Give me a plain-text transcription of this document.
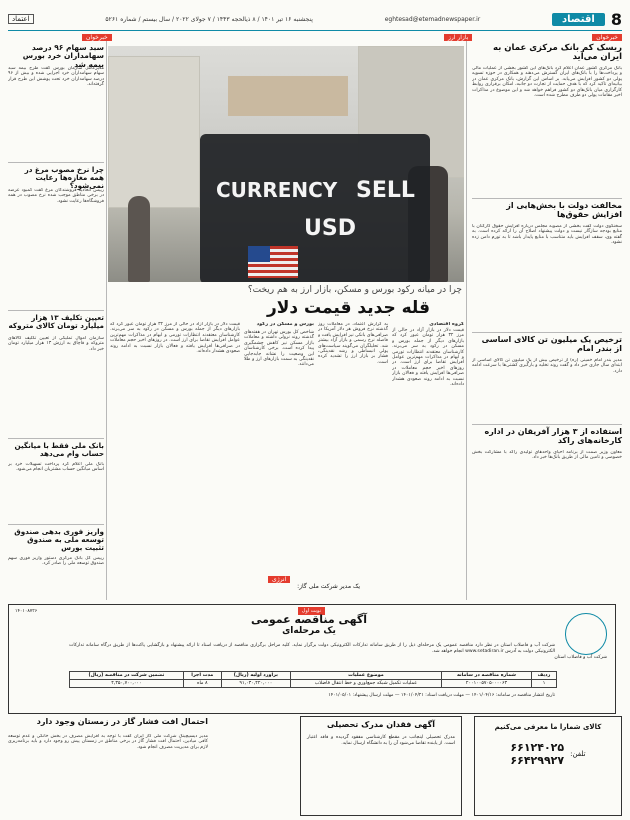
8
اقتصاد
eghtesad@etemadnewspaper.ir
پنجشنبه ۱۶ تیر ۱۴۰۱ / ۸ ذیالحجه ۱۴۴۳ / ۷ جولای ۲۰۲۲ / سال بیستم / شماره ۵۲۶۱
اعتماد
خبرخوان
ریسک کم بانک مرکزی عمان به ایران می‌آید
بانک مرکزی کشور عمان اعلام کرد بانک‌های این کشور بخشی از عملیات مالی و پرداخت‌ها را با بانک‌های ایران گسترش می‌دهند و همکاری در حوزه تسویه پولی دو کشور افزایش می‌یابد. بر اساس این گزارش، بانک مرکزی عمان در بیانیه‌ای تاکید کرد که با هدف حمایت از تجارت دو جانبه، امکان برقراری روابط کارگزاری میان بانک‌های دو کشور فراهم خواهد شد و این موضوع در مذاکرات اخیر مقامات پولی دو طرف مطرح شده است.
مخالفت دولت با بخش‌هایی از افزایش حقوق‌ها
سخنگوی دولت گفت بخشی از مصوبه مجلس درباره افزایش حقوق کارکنان با منابع بودجه سازگار نیست و دولت پیشنهاد اصلاح آن را ارائه کرده است. به گفته وی، سقف افزایش باید متناسب با منابع پایدار باشد تا به تورم دامن زده نشود.
ترخیص یک میلیون تن کالای اساسی از بندر امام
مدیر بندر امام خمینی (ره) از ترخیص بیش از یک میلیون تن کالای اساسی از ابتدای سال جاری خبر داد و گفت روند تخلیه و بارگیری کشتی‌ها با سرعت ادامه دارد.
استفاده از ۳ هزار آفریقان در اداره کارخانه‌های راکد
معاون وزیر صمت از برنامه احیای واحدهای تولیدی راکد با مشارکت بخش خصوصی و تامین مالی از طریق بانک‌ها خبر داد.
بازار ارز
CURRENCY SELL
USD
چرا در میانه رکود بورس و مسکن، بازار ارز به هم ریخت؟
قله جدید قیمت دلار
گروه اقتصادی
قیمت دلار در بازار آزاد در حالی از مرز ۳۲ هزار تومان عبور کرد که بازارهای دیگر از جمله بورس و مسکن در رکود به سر می‌برند. کارشناسان معتقدند انتظارات تورمی و ابهام در مذاکرات مهم‌ترین عوامل افزایش تقاضا برای ارز است. در روزهای اخیر حجم معاملات در صرافی‌ها افزایش یافته و فعالان بازار نسبت به ادامه روند صعودی هشدار داده‌اند.
به گزارش اعتماد، در معاملات روز گذشته نرخ فروش هر دلار آمریکا در صرافی‌های بانکی نیز افزایش یافت و فاصله نرخ رسمی و بازار آزاد بیشتر شد. تحلیلگران می‌گویند سیاست‌های پولی انبساطی و رشد نقدینگی، فشار بر بازار ارز را تشدید کرده است.
بورس و مسکن در رکود
شاخص کل بورس تهران در هفته‌های گذشته روند نزولی داشته و معاملات بازار مسکن نیز کاهش چشمگیری پیدا کرده است. برخی کارشناسان این وضعیت را نشانه جابه‌جایی نقدینگی به سمت بازارهای ارز و طلا می‌دانند.
قیمت دلار در بازار آزاد در حالی از مرز ۳۲ هزار تومان عبور کرد که بازارهای دیگر از جمله بورس و مسکن در رکود به سر می‌برند. کارشناسان معتقدند انتظارات تورمی و ابهام در مذاکرات مهم‌ترین عوامل افزایش تقاضا برای ارز است. در روزهای اخیر حجم معاملات در صرافی‌ها افزایش یافته و فعالان بازار نسبت به ادامه روند صعودی هشدار داده‌اند.
انرژی
خبرخوان
سبد سهام ۹۶ درصد سهامداران خرد بورس بیمه شد
مدیرعامل سازمان بورس گفت طرح بیمه سبد سهام سهامداران خرد اجرایی شده و بیش از ۹۶ درصد سهامداران خرد تحت پوشش این طرح قرار گرفته‌اند.
چرا نرخ مصوب مرغ در همه مغازه‌ها رعایت نمی‌شود؟
رییس اتحادیه فروشندگان مرغ گفت کمبود عرضه در برخی مناطق موجب شده نرخ مصوب در همه فروشگاه‌ها رعایت نشود.
تعیین تکلیف ۱۳ هزار میلیارد تومان کالای متروکه
سازمان اموال تملیکی از تعیین تکلیف کالاهای متروکه و قاچاق به ارزش ۱۳ هزار میلیارد تومان خبر داد.
بانک ملی فقط با میانگین حساب وام می‌دهد
بانک ملی اعلام کرد پرداخت تسهیلات خرد بر اساس میانگین حساب مشتریان انجام می‌شود.
واریز فوری بدهی صندوق توسعه ملی به صندوق تثبیت بورس
رییس کل بانک مرکزی دستور واریز فوری سهم صندوق توسعه ملی را صادر کرد.
یک مدیر شرکت ملی گاز:
نوبت اول
آگهی مناقصه عمومی
یک مرحله‌ای
شرکت آب و فاضلاب استان
شرکت آب و فاضلاب استان در نظر دارد مناقصه عمومی یک مرحله‌ای ذیل را از طریق سامانه تدارکات الکترونیکی دولت برگزار نماید. کلیه مراحل برگزاری مناقصه از دریافت اسناد تا ارائه پیشنهاد و بازگشایی پاکت‌ها از طریق درگاه سامانه تدارکات الکترونیکی دولت به آدرس www.setadiran.ir انجام خواهد شد.
ردیف	شماره مناقصه در سامانه	موضوع عملیات	برآورد اولیه (ریال)	مدت اجرا	تضمین شرکت در مناقصه (ریال)
۱	۲۰۰۱۰۰۵۷۰۵۰۰۰۰۶۳	عملیات تکمیل شبکه جمع‌آوری و خط انتقال فاضلاب	۹۱,۰۳۰,۴۲۰,۰۰۰	۸ ماه	۴,۳۵۰,۷۰۰,۰۰۰
تاریخ انتشار مناقصه در سامانه: ۱۴۰۱/۰۴/۱۶ — مهلت دریافت اسناد: ۱۴۰۱/۰۴/۲۱ — مهلت ارسال پیشنهاد: ۱۴۰۱/۰۵/۰۱
۱۴۰۱۰۸۷۲۶
احتمال افت فشار گاز در زمستان وجود دارد
مدیر دیسپچینگ شرکت ملی گاز ایران گفت با توجه به افزایش مصرف در بخش خانگی و عدم توسعه کافی میادین، احتمال افت فشار گاز در برخی مناطق در زمستان پیش رو وجود دارد و باید برنامه‌ریزی لازم برای مدیریت مصرف انجام شود.
آگهی فقدان مدرک تحصیلی
مدرک تحصیلی اینجانب در مقطع کارشناسی مفقود گردیده و فاقد اعتبار است. از یابنده تقاضا می‌شود آن را به دانشگاه ارسال نماید.
کالای شمارا ما معرفی می‌کنیم
تلفن:
۶۶۱۲۴۰۲۵
۶۶۴۲۹۹۲۷
